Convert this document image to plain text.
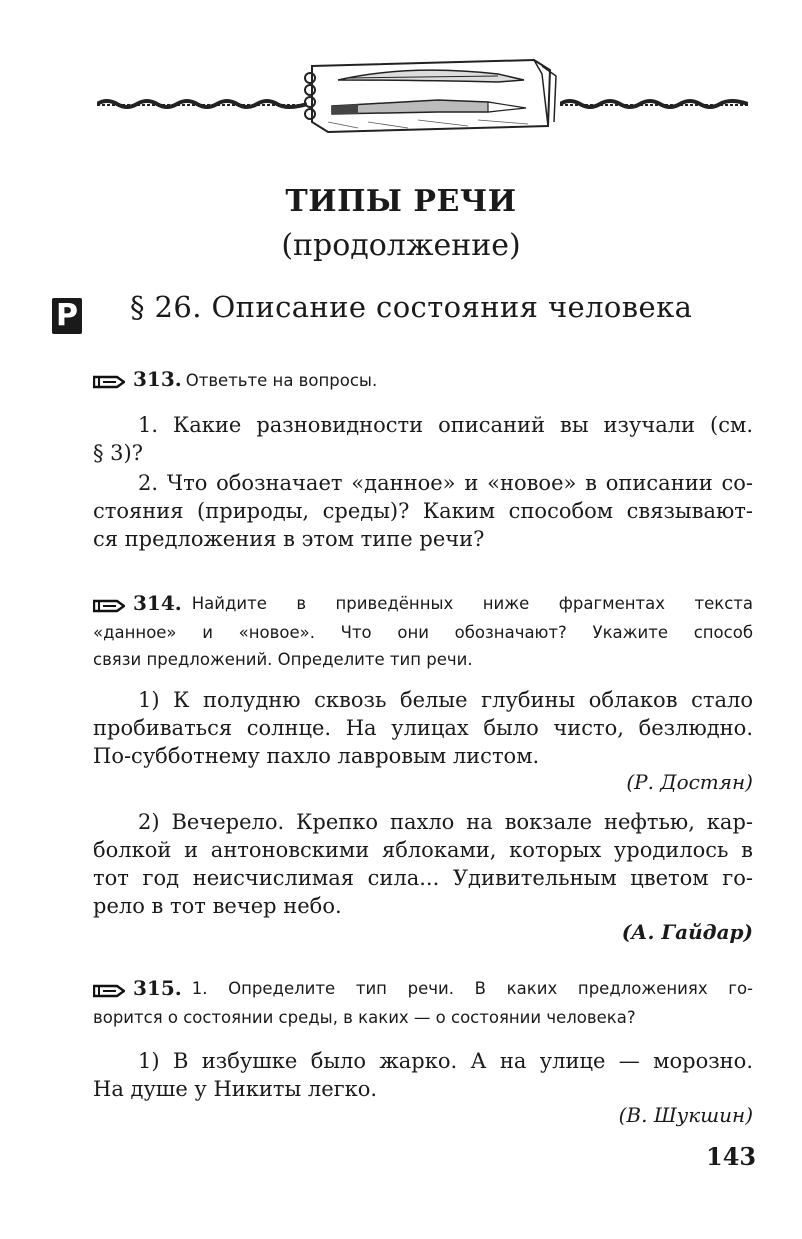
ТИПЫ РЕЧИ
(продолжение)
Р § 26. Описание состояния человека
313. Ответьте на вопросы.
1. Какие разновидности описаний вы изучали (см.
§ 3)?
2. Что обозначает «данное» и «новое» в описании со-
стояния (природы, среды)? Каким способом связывают-
ся предложения в этом типе речи?
314. Найдите в приведённых ниже фрагментах текста
«данное» и «новое». Что они обозначают? Укажите способ
связи предложений. Определите тип речи.
1) К полудню сквозь белые глубины облаков стало
пробиваться солнце. На улицах было чисто, безлюдно.
По-субботнему пахло лавровым листом.
(Р. Достян)
2) Вечерело. Крепко пахло на вокзале нефтью, кар-
болкой и антоновскими яблоками, которых уродилось в
тот год неисчислимая сила... Удивительным цветом го-
рело в тот вечер небо.
(А. Гайдар)
315. 1. Определите тип речи. В каких предложениях го-
ворится о состоянии среды, в каких — о состоянии человека?
1) В избушке было жарко. А на улице — морозно.
На душе у Никиты легко.
(В. Шукшин)
143
